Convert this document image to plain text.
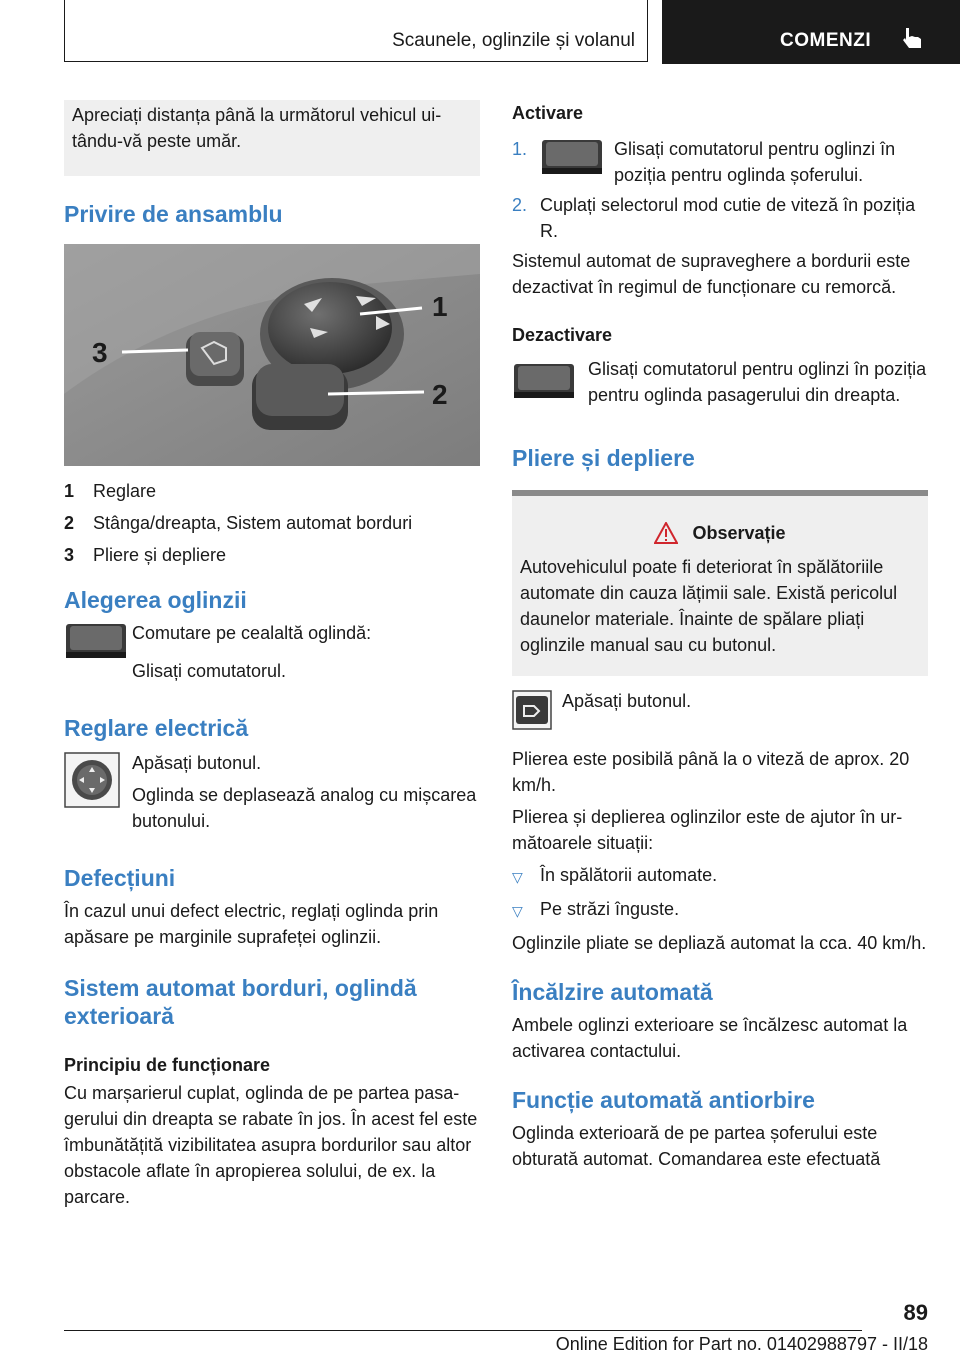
Scaunele, oglinzile și volanul	COMENZI

Apreciați distanța până la următorul vehicul uitându-vă peste umăr.

Privire de ansamblu
3
1
2
1	Reglare
2	Stânga/dreapta, Sistem automat borduri
3	Pliere și depliere
Alegerea oglinzii

Comutare pe cealaltă oglindă:

Glisați comutatorul.

Reglare electrică

Apăsați butonul.

Oglinda se deplasează analog cu mișcarea butonului.

Defecțiuni

În cazul unui defect electric, reglați oglinda prin apăsare pe marginile suprafeței oglinzii.

Sistem automat borduri, oglindă exterioară
Principiu de funcționare

Cu marșarierul cuplat, oglinda de pe partea pasagerului din dreapta se rabate în jos. În acest fel este îmbunătățită vizibilitatea asupra bordurilor sau altor obstacole aflate în apropierea solului, de ex. la parcare.

Activare
1.	Glisați comutatorul pentru oglinzi în poziția pentru oglinda șoferului.
2. Cuplați selectorul mod cutie de viteză în poziția R.

Sistemul automat de supraveghere a bordurii este dezactivat în regimul de funcționare cu remorcă.

Dezactivare

Glisați comutatorul pentru oglinzi în poziția pentru oglinda pasagerului din dreapta.

Pliere și depliere
Observație

Autovehiculul poate fi deteriorat în spălătoriile automate din cauza lățimii sale. Există pericolul daunelor materiale. Înainte de spălare pliați oglinzile manual sau cu butonul.

Apăsați butonul.

Plierea este posibilă până la o viteză de aprox. 20 km/h.

Plierea și deplierea oglinzilor este de ajutor în următoarele situații:

▽ În spălătorii automate.
▽ Pe străzi înguste.

Oglinzile pliate se depliază automat la cca. 40 km/h.

Încălzire automată

Ambele oglinzi exterioare se încălzesc automat la activarea contactului.

Funcție automată antiorbire

Oglinda exterioară de pe partea șoferului este obturată automat. Comandarea este efectuată

89
Online Edition for Part no. 01402988797 - II/18
